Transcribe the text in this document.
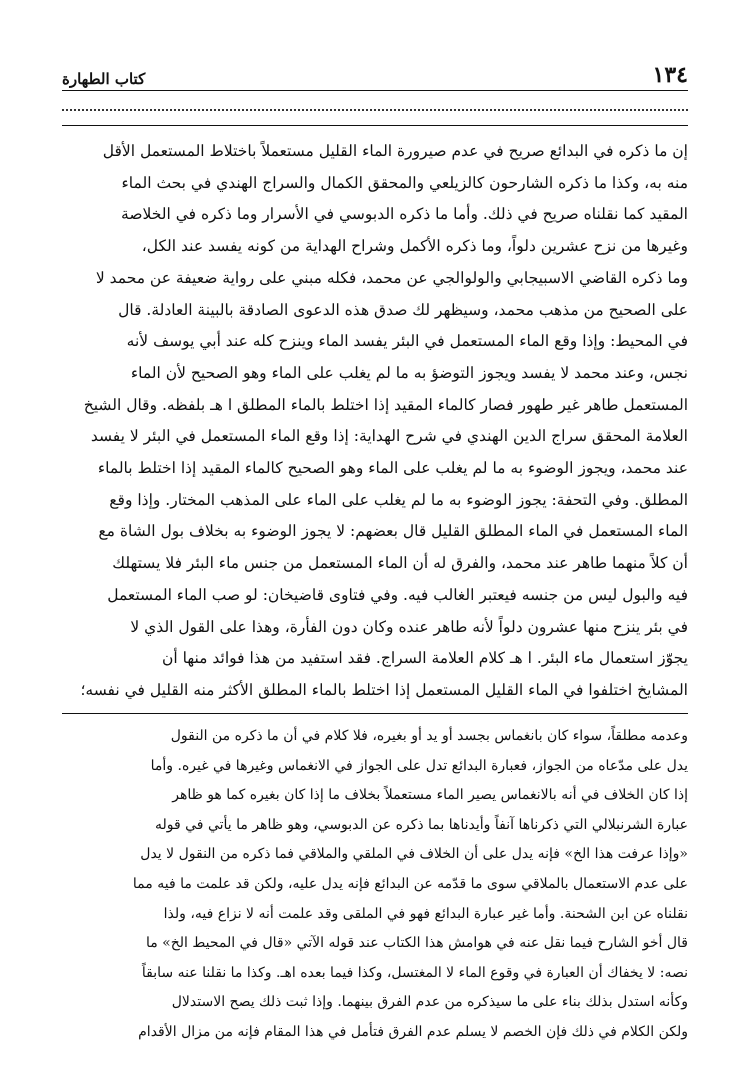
١٣٤
كتاب الطهارة
إن ما ذكره في البدائع صريح في عدم صيرورة الماء القليل مستعملاً باختلاط المستعمل الأقل
منه به، وكذا ما ذكره الشارحون كالزيلعي والمحقق الكمال والسراج الهندي في بحث الماء
المقيد كما نقلناه صريح في ذلك. وأما ما ذكره الدبوسي في الأسرار وما ذكره في الخلاصة
وغيرها من نزح عشرين دلواً، وما ذكره الأكمل وشراح الهداية من كونه يفسد عند الكل،
وما ذكره القاضي الاسبيجابي والولوالجي عن محمد، فكله مبني على رواية ضعيفة عن محمد لا
على الصحيح من مذهب محمد، وسيظهر لك صدق هذه الدعوى الصادقة بالبينة العادلة. قال
في المحيط: وإذا وقع الماء المستعمل في البئر يفسد الماء وينزح كله عند أبي يوسف لأنه
نجس، وعند محمد لا يفسد ويجوز التوضؤ به ما لم يغلب على الماء وهو الصحيح لأن الماء
المستعمل طاهر غير طهور فصار كالماء المقيد إذا اختلط بالماء المطلق ا هـ بلفظه. وقال الشيخ
العلامة المحقق سراج الدين الهندي في شرح الهداية: إذا وقع الماء المستعمل في البئر لا يفسد
عند محمد، ويجوز الوضوء به ما لم يغلب على الماء وهو الصحيح كالماء المقيد إذا اختلط بالماء
المطلق. وفي التحفة: يجوز الوضوء به ما لم يغلب على الماء على المذهب المختار. وإذا وقع
الماء المستعمل في الماء المطلق القليل قال بعضهم: لا يجوز الوضوء به بخلاف بول الشاة مع
أن كلاً منهما طاهر عند محمد، والفرق له أن الماء المستعمل من جنس ماء البئر فلا يستهلك
فيه والبول ليس من جنسه فيعتبر الغالب فيه. وفي فتاوى قاضيخان: لو صب الماء المستعمل
في بئر ينزح منها عشرون دلواً لأنه طاهر عنده وكان دون الفأرة، وهذا على القول الذي لا
يجوّز استعمال ماء البئر. ا هـ كلام العلامة السراج. فقد استفيد من هذا فوائد منها أن
المشايخ اختلفوا في الماء القليل المستعمل إذا اختلط بالماء المطلق الأكثر منه القليل في نفسه؛
وعدمه مطلقاً، سواء كان بانغماس بجسد أو يد أو بغيره، فلا كلام في أن ما ذكره من النقول
يدل على مدّعاه من الجواز، فعبارة البدائع تدل على الجواز في الانغماس وغيرها في غيره. وأما
إذا كان الخلاف في أنه بالانغماس يصير الماء مستعملاً بخلاف ما إذا كان بغيره كما هو ظاهر
عبارة الشرنبلالي التي ذكرناها آنفاً وأيدناها بما ذكره عن الدبوسي، وهو ظاهر ما يأتي في قوله
«وإذا عرفت هذا الخ» فإنه يدل على أن الخلاف في الملقي والملاقي فما ذكره من النقول لا يدل
على عدم الاستعمال بالملاقي سوى ما قدّمه عن البدائع فإنه يدل عليه، ولكن قد علمت ما فيه مما
نقلناه عن ابن الشحنة. وأما غير عبارة البدائع فهو في الملقى وقد علمت أنه لا نزاع فيه، ولذا
قال أخو الشارح فيما نقل عنه في هوامش هذا الكتاب عند قوله الآتي «قال في المحيط الخ» ما
نصه: لا يخفاك أن العبارة في وقوع الماء لا المغتسل، وكذا فيما بعده اهـ. وكذا ما نقلنا عنه سابقاً
وكأنه استدل بذلك بناء على ما سيذكره من عدم الفرق بينهما. وإذا ثبت ذلك يصح الاستدلال
ولكن الكلام في ذلك فإن الخصم لا يسلم عدم الفرق فتأمل في هذا المقام فإنه من مزال الأقدام
